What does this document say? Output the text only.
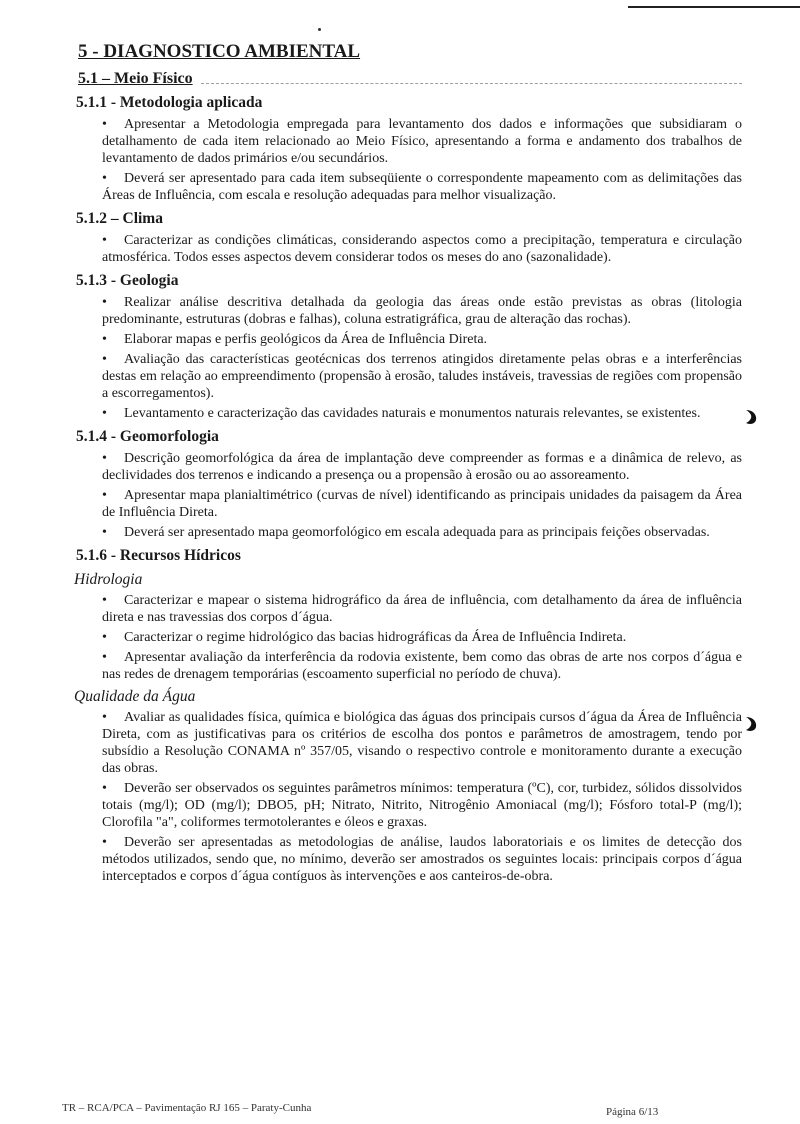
5 - DIAGNOSTICO AMBIENTAL
5.1 – Meio Físico
5.1.1 - Metodologia aplicada
• Apresentar a Metodologia empregada para levantamento dos dados e informações que subsidiaram o detalhamento de cada item relacionado ao Meio Físico, apresentando a forma e andamento dos trabalhos de levantamento de dados primários e/ou secundários.
• Deverá ser apresentado para cada item subseqüiente o correspondente mapeamento com as delimitações das Áreas de Influência, com escala e resolução adequadas para melhor visualização.
5.1.2 – Clima
• Caracterizar as condições climáticas, considerando aspectos como a precipitação, temperatura e circulação atmosférica. Todos esses aspectos devem considerar todos os meses do ano (sazonalidade).
5.1.3 - Geologia
• Realizar análise descritiva detalhada da geologia das áreas onde estão previstas as obras (litologia predominante, estruturas (dobras e falhas), coluna estratigráfica, grau de alteração das rochas).
• Elaborar mapas e perfis geológicos da Área de Influência Direta.
• Avaliação das características geotécnicas dos terrenos atingidos diretamente pelas obras e a interferências destas em relação ao empreendimento (propensão à erosão, taludes instáveis, travessias de regiões com propensão a escorregamentos).
• Levantamento e caracterização das cavidades naturais e monumentos naturais relevantes, se existentes.
5.1.4 - Geomorfologia
• Descrição geomorfológica da área de implantação deve compreender as formas e a dinâmica de relevo, as declividades dos terrenos e indicando a presença ou a propensão à erosão ou ao assoreamento.
• Apresentar mapa planialtimétrico (curvas de nível) identificando as principais unidades da paisagem da Área de Influência Direta.
• Deverá ser apresentado mapa geomorfológico em escala adequada para as principais feições observadas.
5.1.6 - Recursos Hídricos
Hidrologia
• Caracterizar e mapear o sistema hidrográfico da área de influência, com detalhamento da área de influência direta e nas travessias dos corpos d´água.
• Caracterizar o regime hidrológico das bacias hidrográficas da Área de Influência Indireta.
• Apresentar avaliação da interferência da rodovia existente, bem como das obras de arte nos corpos d´água e nas redes de drenagem temporárias (escoamento superficial no período de chuva).
Qualidade da Água
• Avaliar as qualidades física, química e biológica das águas dos principais cursos d´água da Área de Influência Direta, com as justificativas para os critérios de escolha dos pontos e parâmetros de amostragem, tendo por subsídio a Resolução CONAMA nº 357/05, visando o respectivo controle e monitoramento durante a execução das obras.
• Deverão ser observados os seguintes parâmetros mínimos: temperatura (ºC), cor, turbidez, sólidos dissolvidos totais (mg/l); OD (mg/l); DBO5, pH; Nitrato, Nitrito, Nitrogênio Amoniacal (mg/l); Fósforo total-P (mg/l); Clorofila "a", coliformes termotolerantes e óleos e graxas.
• Deverão ser apresentadas as metodologias de análise, laudos laboratoriais e os limites de detecção dos métodos utilizados, sendo que, no mínimo, deverão ser amostrados os seguintes locais: principais corpos d´água interceptados e corpos d´água contíguos às intervenções e aos canteiros-de-obra.
TR – RCA/PCA – Pavimentação RJ 165 – Paraty-Cunha	Página 6/13
